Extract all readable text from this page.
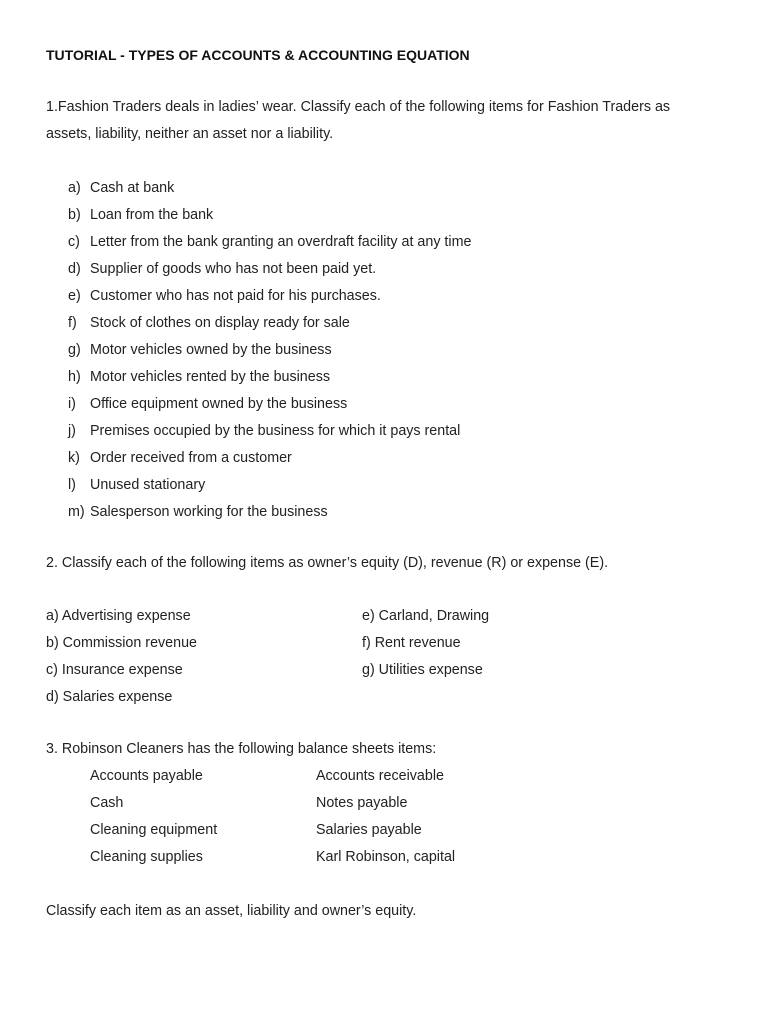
TUTORIAL - TYPES OF ACCOUNTS & ACCOUNTING EQUATION
1.Fashion Traders deals in ladies’ wear. Classify each of the following items for Fashion Traders as
assets, liability, neither an asset nor a liability.
a) Cash at bank
b) Loan from the bank
c) Letter from the bank granting an overdraft facility at any time
d) Supplier of goods who has not been paid yet.
e) Customer who has not paid for his purchases.
f) Stock of clothes on display ready for sale
g) Motor vehicles owned by the business
h) Motor vehicles rented by the business
i) Office equipment owned by the business
j) Premises occupied by the business for which it pays rental
k) Order received from a customer
l) Unused stationary
m) Salesperson working for the business
2. Classify each of the following items as owner’s equity (D), revenue (R) or expense (E).
a) Advertising expense	e) Carland, Drawing
b) Commission revenue	f) Rent revenue
c) Insurance expense	g) Utilities expense
d) Salaries expense
3. Robinson Cleaners has the following balance sheets items:
Accounts payable	Accounts receivable
Cash	Notes payable
Cleaning equipment	Salaries payable
Cleaning supplies	Karl Robinson, capital
Classify each item as an asset, liability and owner’s equity.
